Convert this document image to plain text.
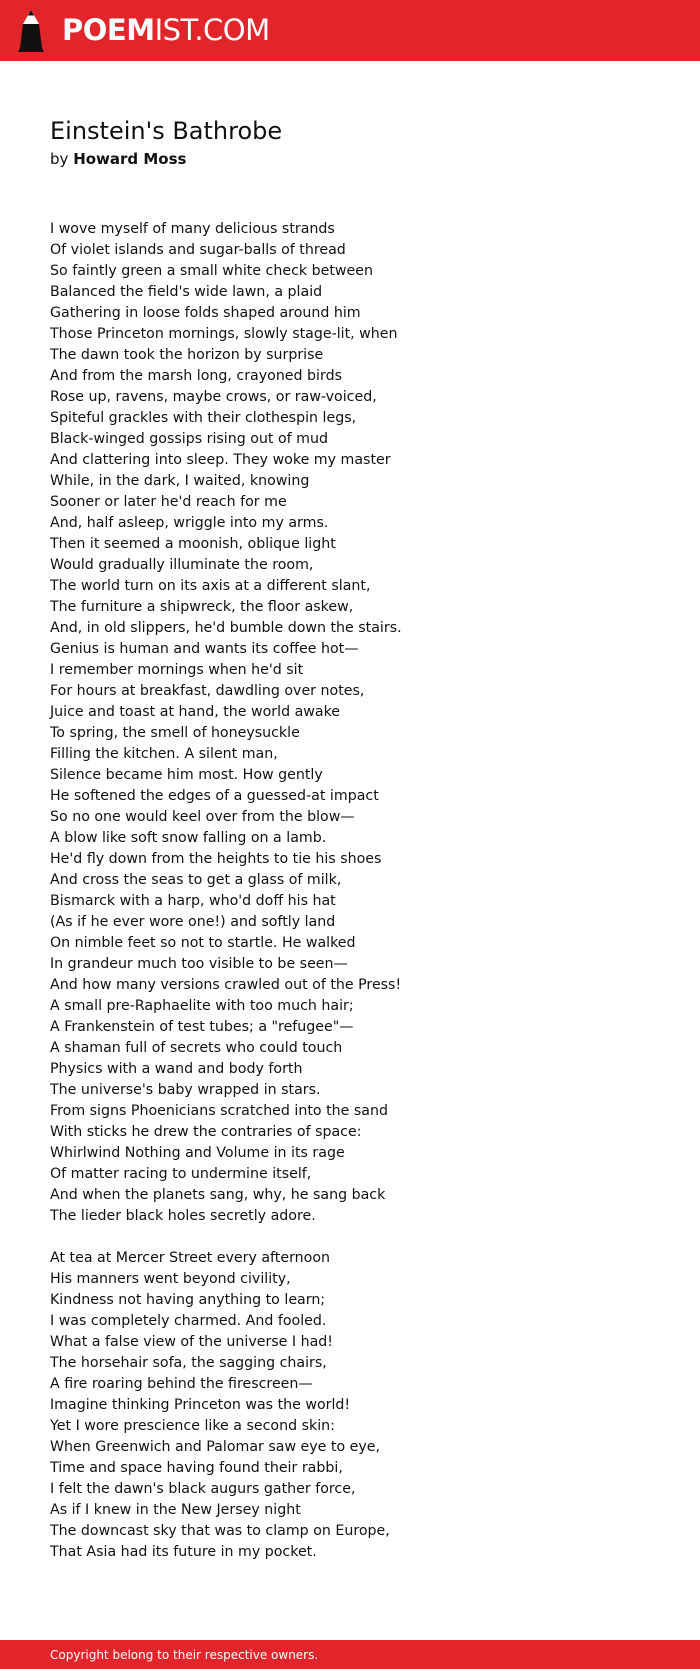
POEMIST.COM
Einstein's Bathrobe
by Howard Moss
I wove myself of many delicious strands
Of violet islands and sugar-balls of thread
So faintly green a small white check between
Balanced the field's wide lawn, a plaid
Gathering in loose folds shaped around him
Those Princeton mornings, slowly stage-lit, when
The dawn took the horizon by surprise
And from the marsh long, crayoned birds
Rose up, ravens, maybe crows, or raw-voiced,
Spiteful grackles with their clothespin legs,
Black-winged gossips rising out of mud
And clattering into sleep. They woke my master
While, in the dark, I waited, knowing
Sooner or later he'd reach for me
And, half asleep, wriggle into my arms.
Then it seemed a moonish, oblique light
Would gradually illuminate the room,
The world turn on its axis at a different slant,
The furniture a shipwreck, the floor askew,
And, in old slippers, he'd bumble down the stairs.
Genius is human and wants its coffee hot—
I remember mornings when he'd sit
For hours at breakfast, dawdling over notes,
Juice and toast at hand, the world awake
To spring, the smell of honeysuckle
Filling the kitchen. A silent man,
Silence became him most. How gently
He softened the edges of a guessed-at impact
So no one would keel over from the blow—
A blow like soft snow falling on a lamb.
He'd fly down from the heights to tie his shoes
And cross the seas to get a glass of milk,
Bismarck with a harp, who'd doff his hat
(As if he ever wore one!) and softly land
On nimble feet so not to startle. He walked
In grandeur much too visible to be seen—
And how many versions crawled out of the Press!
A small pre-Raphaelite with too much hair;
A Frankenstein of test tubes; a "refugee"—
A shaman full of secrets who could touch
Physics with a wand and body forth
The universe's baby wrapped in stars.
From signs Phoenicians scratched into the sand
With sticks he drew the contraries of space:
Whirlwind Nothing and Volume in its rage
Of matter racing to undermine itself,
And when the planets sang, why, he sang back
The lieder black holes secretly adore.
At tea at Mercer Street every afternoon
His manners went beyond civility,
Kindness not having anything to learn;
I was completely charmed. And fooled.
What a false view of the universe I had!
The horsehair sofa, the sagging chairs,
A fire roaring behind the firescreen—
Imagine thinking Princeton was the world!
Yet I wore prescience like a second skin:
When Greenwich and Palomar saw eye to eye,
Time and space having found their rabbi,
I felt the dawn's black augurs gather force,
As if I knew in the New Jersey night
The downcast sky that was to clamp on Europe,
That Asia had its future in my pocket.
Copyright belong to their respective owners.
